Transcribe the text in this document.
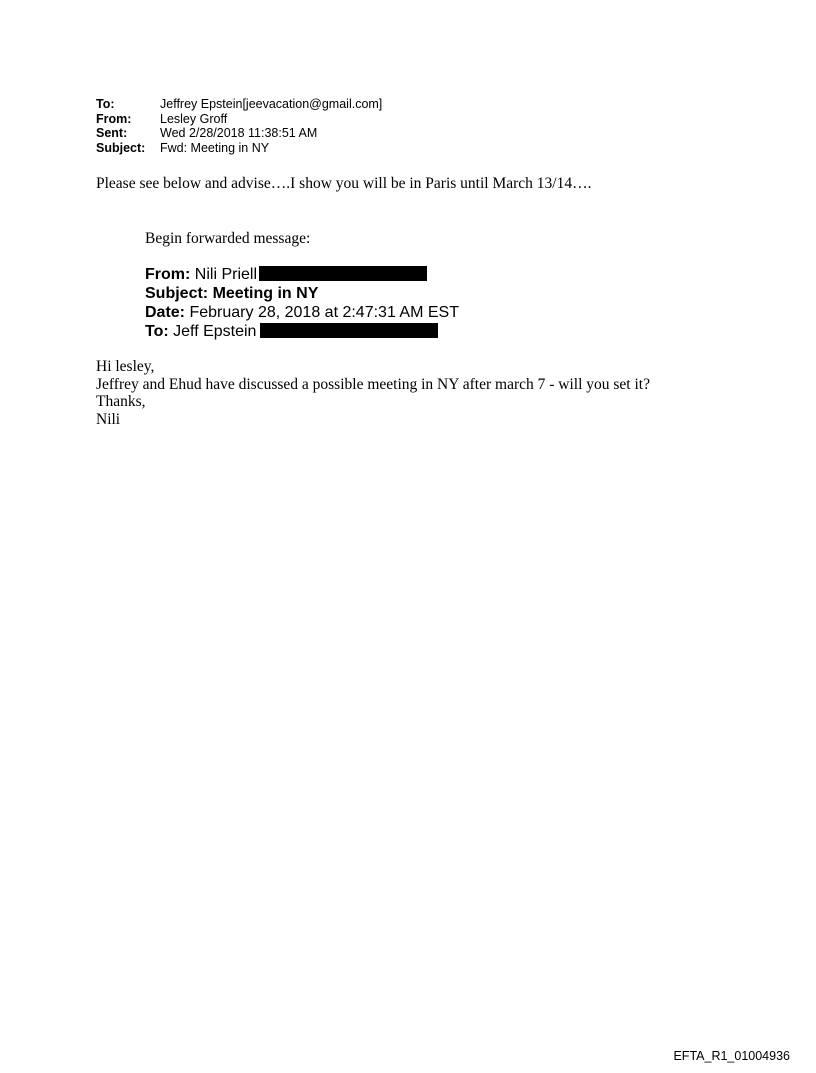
To:	Jeffrey Epstein[jeevacation@gmail.com]
From:	Lesley Groff
Sent:	Wed 2/28/2018 11:38:51 AM
Subject:	Fwd: Meeting in NY
Please see below and advise….I show you will be in Paris until March 13/14….
Begin forwarded message:
From: Nili Priell
Subject: Meeting in NY
Date: February 28, 2018 at 2:47:31 AM EST
To: Jeff Epstein
Hi lesley,
Jeffrey and Ehud have discussed a possible meeting in NY after march 7 - will you set it?
Thanks,
Nili
EFTA_R1_01004936
